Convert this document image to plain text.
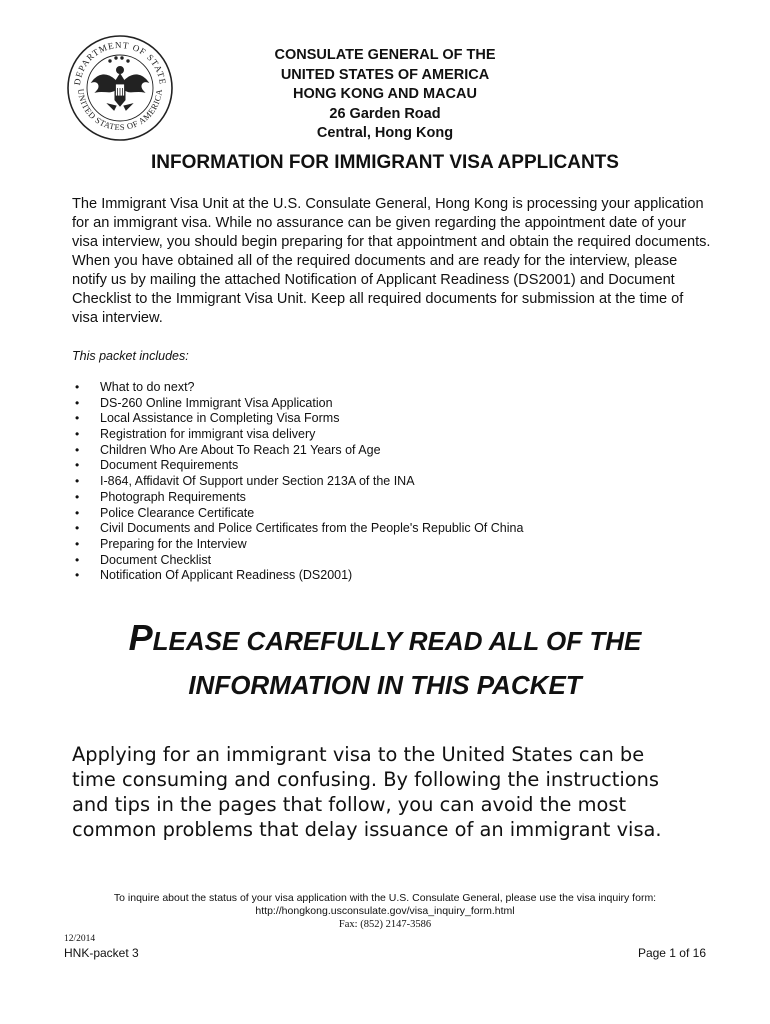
DEPARTMENT OF STATE
UNITED STATES OF AMERICA
CONSULATE GENERAL OF THE
UNITED STATES OF AMERICA
HONG KONG AND MACAU
26 Garden Road
Central, Hong Kong
INFORMATION FOR IMMIGRANT VISA APPLICANTS
The Immigrant Visa Unit at the U.S. Consulate General, Hong Kong is processing your application for an immigrant visa. While no assurance can be given regarding the appointment date of your visa interview, you should begin preparing for that appointment and obtain the required documents. When you have obtained all of the required documents and are ready for the interview, please notify us by mailing the attached Notification of Applicant Readiness (DS2001) and Document Checklist to the Immigrant Visa Unit. Keep all required documents for submission at the time of visa interview.
This packet includes:
• What to do next?
• DS-260 Online Immigrant Visa Application
• Local Assistance in Completing Visa Forms
• Registration for immigrant visa delivery
• Children Who Are About To Reach 21 Years of Age
• Document Requirements
• I-864, Affidavit Of Support under Section 213A of the INA
• Photograph Requirements
• Police Clearance Certificate
• Civil Documents and Police Certificates from the People's Republic Of China
• Preparing for the Interview
• Document Checklist
• Notification Of Applicant Readiness (DS2001)
PLEASE CAREFULLY READ ALL OF THE
INFORMATION IN THIS PACKET
Applying for an immigrant visa to the United States can be
time consuming and confusing. By following the instructions
and tips in the pages that follow, you can avoid the most
common problems that delay issuance of an immigrant visa.
To inquire about the status of your visa application with the U.S. Consulate General, please use the visa inquiry form:
http://hongkong.usconsulate.gov/visa_inquiry_form.html
Fax: (852) 2147-3586
12/2014
HNK-packet 3	Page 1 of 16
